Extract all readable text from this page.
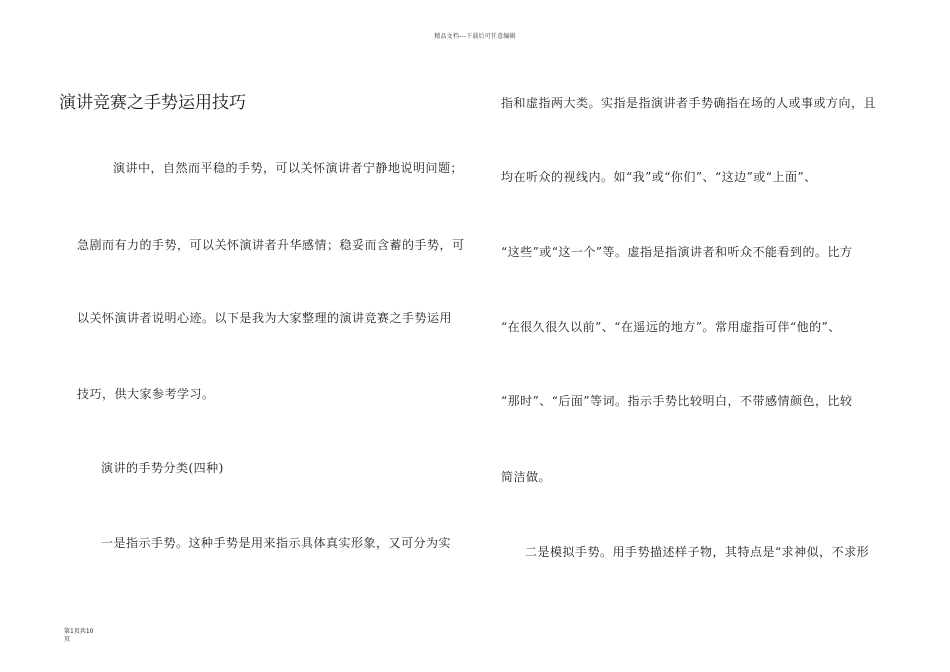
精品文档---下载后可任意编辑
演讲竞赛之手势运用技巧
演讲中，自然而平稳的手势，可以关怀演讲者宁静地说明问题；
急剧而有力的手势，可以关怀演讲者升华感情；稳妥而含蓄的手势，可
以关怀演讲者说明心迹。以下是我为大家整理的演讲竞赛之手势运用
技巧，供大家参考学习。
演讲的手势分类(四种)
一是指示手势。这种手势是用来指示具体真实形象，又可分为实
指和虚指两大类。实指是指演讲者手势确指在场的人或事或方向，且
均在听众的视线内。如“我”或“你们”、“这边”或“上面”、
“这些”或“这一个”等。虚指是指演讲者和听众不能看到的。比方
“在很久很久以前”、“在遥远的地方”。常用虚指可伴“他的”、
“那时”、“后面”等词。指示手势比较明白，不带感情颜色，比较
简洁做。
二是模拟手势。用手势描述样子物，其特点是“求神似，不求形
第1页共10
页
